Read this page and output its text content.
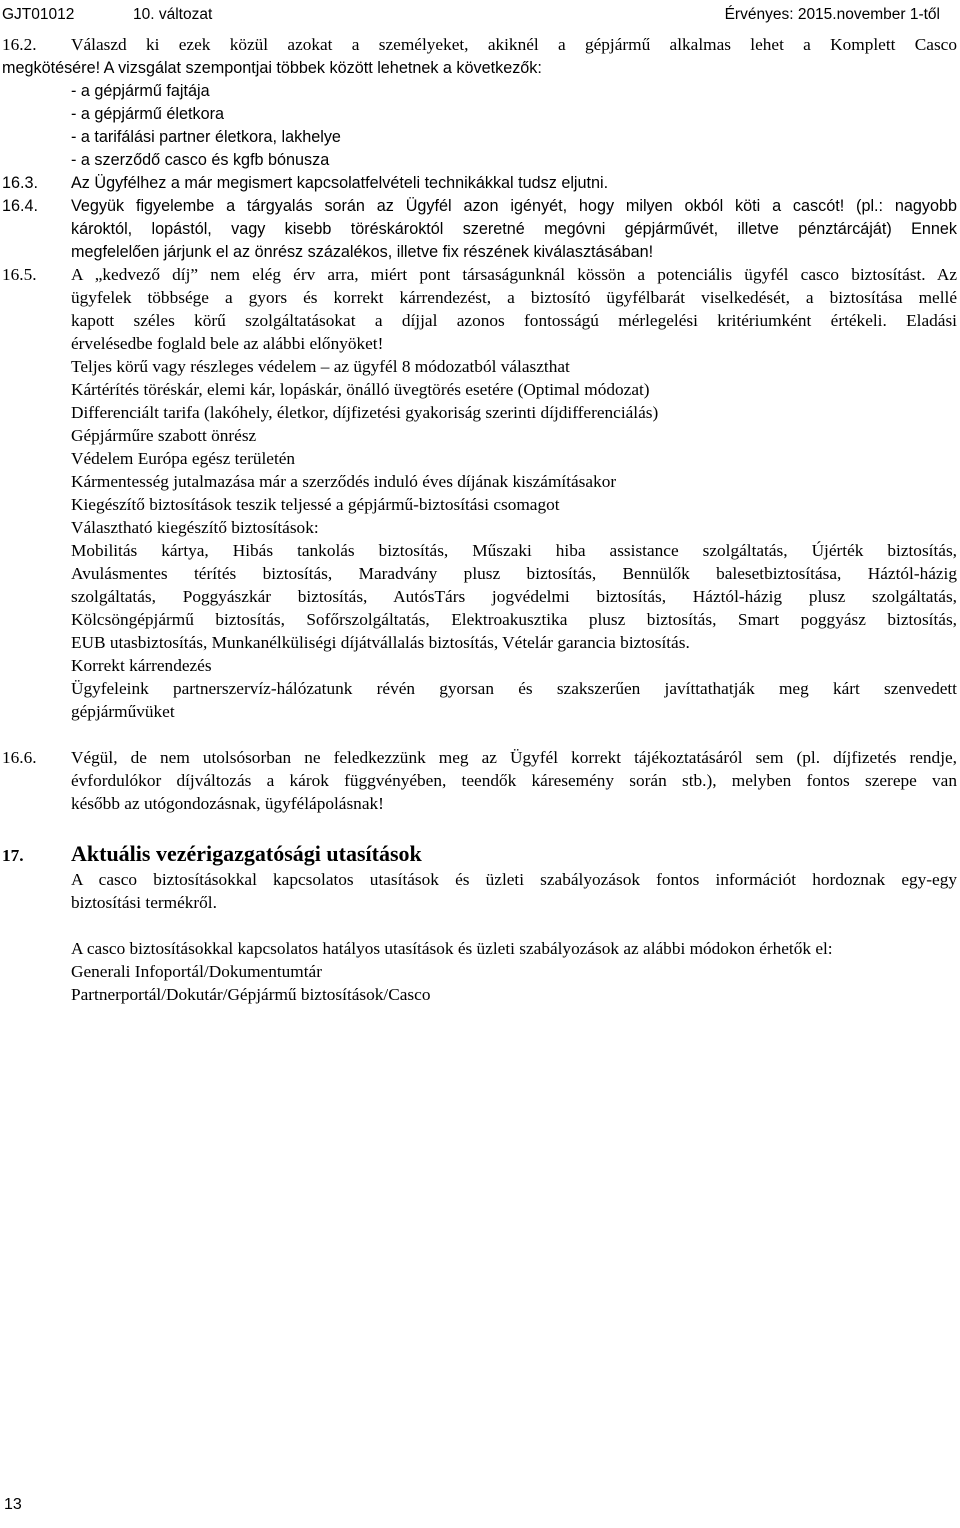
GJT01012	10. változat	Érvényes: 2015.november 1-től
16.2. Válaszd ki ezek közül azokat a személyeket, akiknél a gépjármű alkalmas lehet a Komplett Casco
megkötésére! A vizsgálat szempontjai többek között lehetnek a következők:
- a gépjármű fajtája
- a gépjármű életkora
- a tarifálási partner életkora, lakhelye
- a szerződő casco és kgfb bónusza
16.3. Az Ügyfélhez a már megismert kapcsolatfelvételi technikákkal tudsz eljutni.
16.4. Vegyük figyelembe a tárgyalás során az Ügyfél azon igényét, hogy milyen okból köti a cascót! (pl.: nagyobb
károktól, lopástól, vagy kisebb töréskároktól szeretné megóvni gépjárművét, illetve pénztárcáját) Ennek
megfelelően járjunk el az önrész százalékos, illetve fix részének kiválasztásában!
16.5. A „kedvező díj” nem elég érv arra, miért pont társaságunknál kössön a potenciális ügyfél casco biztosítást. Az
ügyfelek többsége a gyors és korrekt kárrendezést, a biztosító ügyfélbarát viselkedését, a biztosítása mellé
kapott széles körű szolgáltatásokat a díjjal azonos fontosságú mérlegelési kritériumként értékeli. Eladási
érvelésedbe foglald bele az alábbi előnyöket!
Teljes körű vagy részleges védelem – az ügyfél 8 módozatból választhat
Kártérítés töréskár, elemi kár, lopáskár, önálló üvegtörés esetére (Optimal módozat)
Differenciált tarifa (lakóhely, életkor, díjfizetési gyakoriság szerinti díjdifferenciálás)
Gépjárműre szabott önrész
Védelem Európa egész területén
Kármentesség jutalmazása már a szerződés induló éves díjának kiszámításakor
Kiegészítő biztosítások teszik teljessé a gépjármű-biztosítási csomagot
Választható kiegészítő biztosítások:
Mobilitás kártya, Hibás tankolás biztosítás, Műszaki hiba assistance szolgáltatás, Újérték biztosítás,
Avulásmentes térítés biztosítás, Maradvány plusz biztosítás, Bennülők balesetbiztosítása, Háztól-házig
szolgáltatás, Poggyászkár biztosítás, AutósTárs jogvédelmi biztosítás, Háztól-házig plusz szolgáltatás,
Kölcsöngépjármű biztosítás, Sofőrszolgáltatás, Elektroakusztika plusz biztosítás, Smart poggyász biztosítás,
EUB utasbiztosítás, Munkanélküliségi díjátvállalás biztosítás, Vételár garancia biztosítás.
Korrekt kárrendezés
Ügyfeleink partnerszervíz-hálózatunk révén gyorsan és szakszerűen javíttathatják meg kárt szenvedett
gépjárművüket
16.6. Végül, de nem utolsósorban ne feledkezzünk meg az Ügyfél korrekt tájékoztatásáról sem (pl. díjfizetés rendje,
évfordulókor díjváltozás a károk függvényében, teendők káresemény során stb.), melyben fontos szerepe van
később az utógondozásnak, ügyfélápolásnak!
17. Aktuális vezérigazgatósági utasítások
A casco biztosításokkal kapcsolatos utasítások és üzleti szabályozások fontos információt hordoznak egy-egy
biztosítási termékről.
A casco biztosításokkal kapcsolatos hatályos utasítások és üzleti szabályozások az alábbi módokon érhetők el:
Generali Infoportál/Dokumentumtár
Partnerportál/Dokutár/Gépjármű biztosítások/Casco
13
